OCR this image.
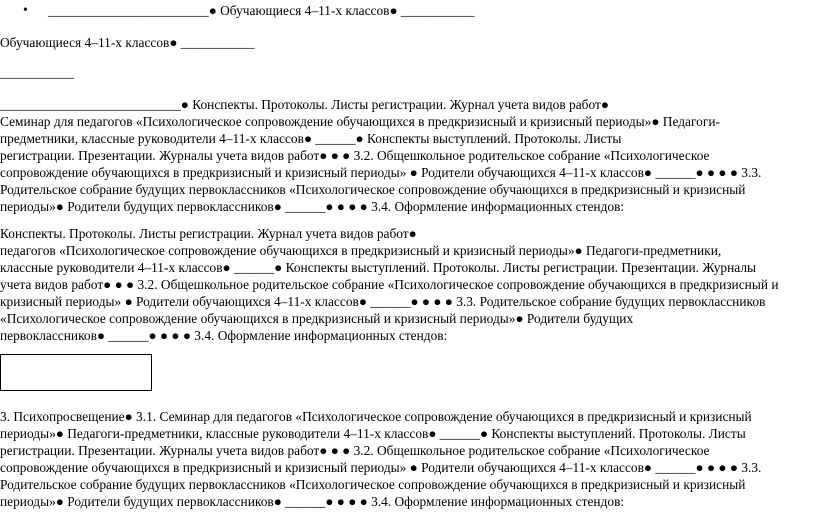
• ________________________● Обучающиеся 4–11-х классов● ___________
Обучающиеся 4–11-х классов● ___________
___________
___________________________● Конспекты. Протоколы. Листы регистрации. Журнал учета видов работ●
Семинар для педагогов «Психологическое сопровождение обучающихся в предкризисный и кризисный периоды»● Педагоги-
предметники, классные руководители 4–11-х классов● ______● Конспекты выступлений. Протоколы. Листы
регистрации. Презентации. Журналы учета видов работ● ● ● 3.2. Общешкольное родительское собрание «Психологическое
сопровождение обучающихся в предкризисный и кризисный периоды» ● Родители обучающихся 4–11-х классов● ______● ● ● ● 3.3.
Родительское собрание будущих первоклассников «Психологическое сопровождение обучающихся в предкризисный и кризисный
периоды»● Родители будущих первоклассников● ______● ● ● ● 3.4. Оформление информационных стендов:
Конспекты. Протоколы. Листы регистрации. Журнал учета видов работ●
педагогов «Психологическое сопровождение обучающихся в предкризисный и кризисный периоды»● Педагоги-предметники,
классные руководители 4–11-х классов● ______● Конспекты выступлений. Протоколы. Листы регистрации. Презентации. Журналы
учета видов работ● ● ● 3.2. Общешкольное родительское собрание «Психологическое сопровождение обучающихся в предкризисный и
кризисный периоды» ● Родители обучающихся 4–11-х классов● ______● ● ● ● 3.3. Родительское собрание будущих первоклассников
«Психологическое сопровождение обучающихся в предкризисный и кризисный периоды»● Родители будущих
первоклассников● ______● ● ● ● 3.4. Оформление информационных стендов:
3. Психопросвещение● 3.1. Семинар для педагогов «Психологическое сопровождение обучающихся в предкризисный и кризисный
периоды»● Педагоги-предметники, классные руководители 4–11-х классов● ______● Конспекты выступлений. Протоколы. Листы
регистрации. Презентации. Журналы учета видов работ● ● ● 3.2. Общешкольное родительское собрание «Психологическое
сопровождение обучающихся в предкризисный и кризисный периоды» ● Родители обучающихся 4–11-х классов● ______● ● ● ● 3.3.
Родительское собрание будущих первоклассников «Психологическое сопровождение обучающихся в предкризисный и кризисный
периоды»● Родители будущих первоклассников● ______● ● ● ● 3.4. Оформление информационных стендов:
